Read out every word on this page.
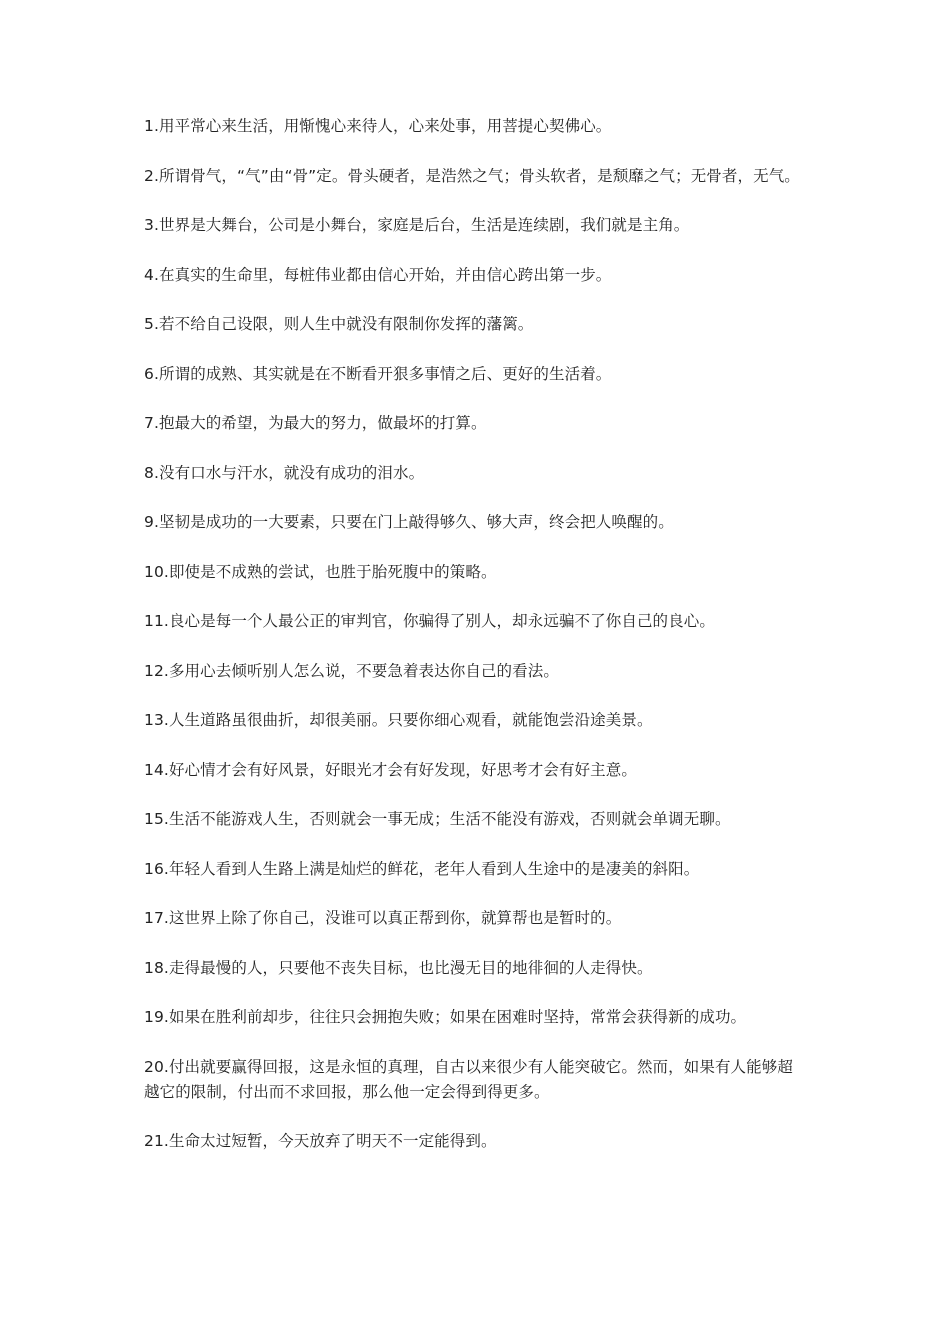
1.用平常心来生活，用惭愧心来待人，心来处事，用菩提心契佛心。

2.所谓骨气，“气”由“骨”定。骨头硬者，是浩然之气；骨头软者，是颓靡之气；无骨者，无气。

3.世界是大舞台，公司是小舞台，家庭是后台，生活是连续剧，我们就是主角。

4.在真实的生命里，每桩伟业都由信心开始，并由信心跨出第一步。

5.若不给自己设限，则人生中就没有限制你发挥的藩篱。

6.所谓的成熟、其实就是在不断看开狠多事情之后、更好的生活着。

7.抱最大的希望，为最大的努力，做最坏的打算。

8.没有口水与汗水，就没有成功的泪水。

9.坚韧是成功的一大要素，只要在门上敲得够久、够大声，终会把人唤醒的。

10.即使是不成熟的尝试，也胜于胎死腹中的策略。

11.良心是每一个人最公正的审判官，你骗得了别人，却永远骗不了你自己的良心。

12.多用心去倾听别人怎么说，不要急着表达你自己的看法。

13.人生道路虽很曲折，却很美丽。只要你细心观看，就能饱尝沿途美景。

14.好心情才会有好风景，好眼光才会有好发现，好思考才会有好主意。

15.生活不能游戏人生，否则就会一事无成；生活不能没有游戏，否则就会单调无聊。

16.年轻人看到人生路上满是灿烂的鲜花，老年人看到人生途中的是凄美的斜阳。

17.这世界上除了你自己，没谁可以真正帮到你，就算帮也是暂时的。

18.走得最慢的人，只要他不丧失目标，也比漫无目的地徘徊的人走得快。

19.如果在胜利前却步，往往只会拥抱失败；如果在困难时坚持，常常会获得新的成功。

20.付出就要赢得回报，这是永恒的真理，自古以来很少有人能突破它。然而，如果有人能够超越它的限制，付出而不求回报，那么他一定会得到得更多。

21.生命太过短暂，今天放弃了明天不一定能得到。
